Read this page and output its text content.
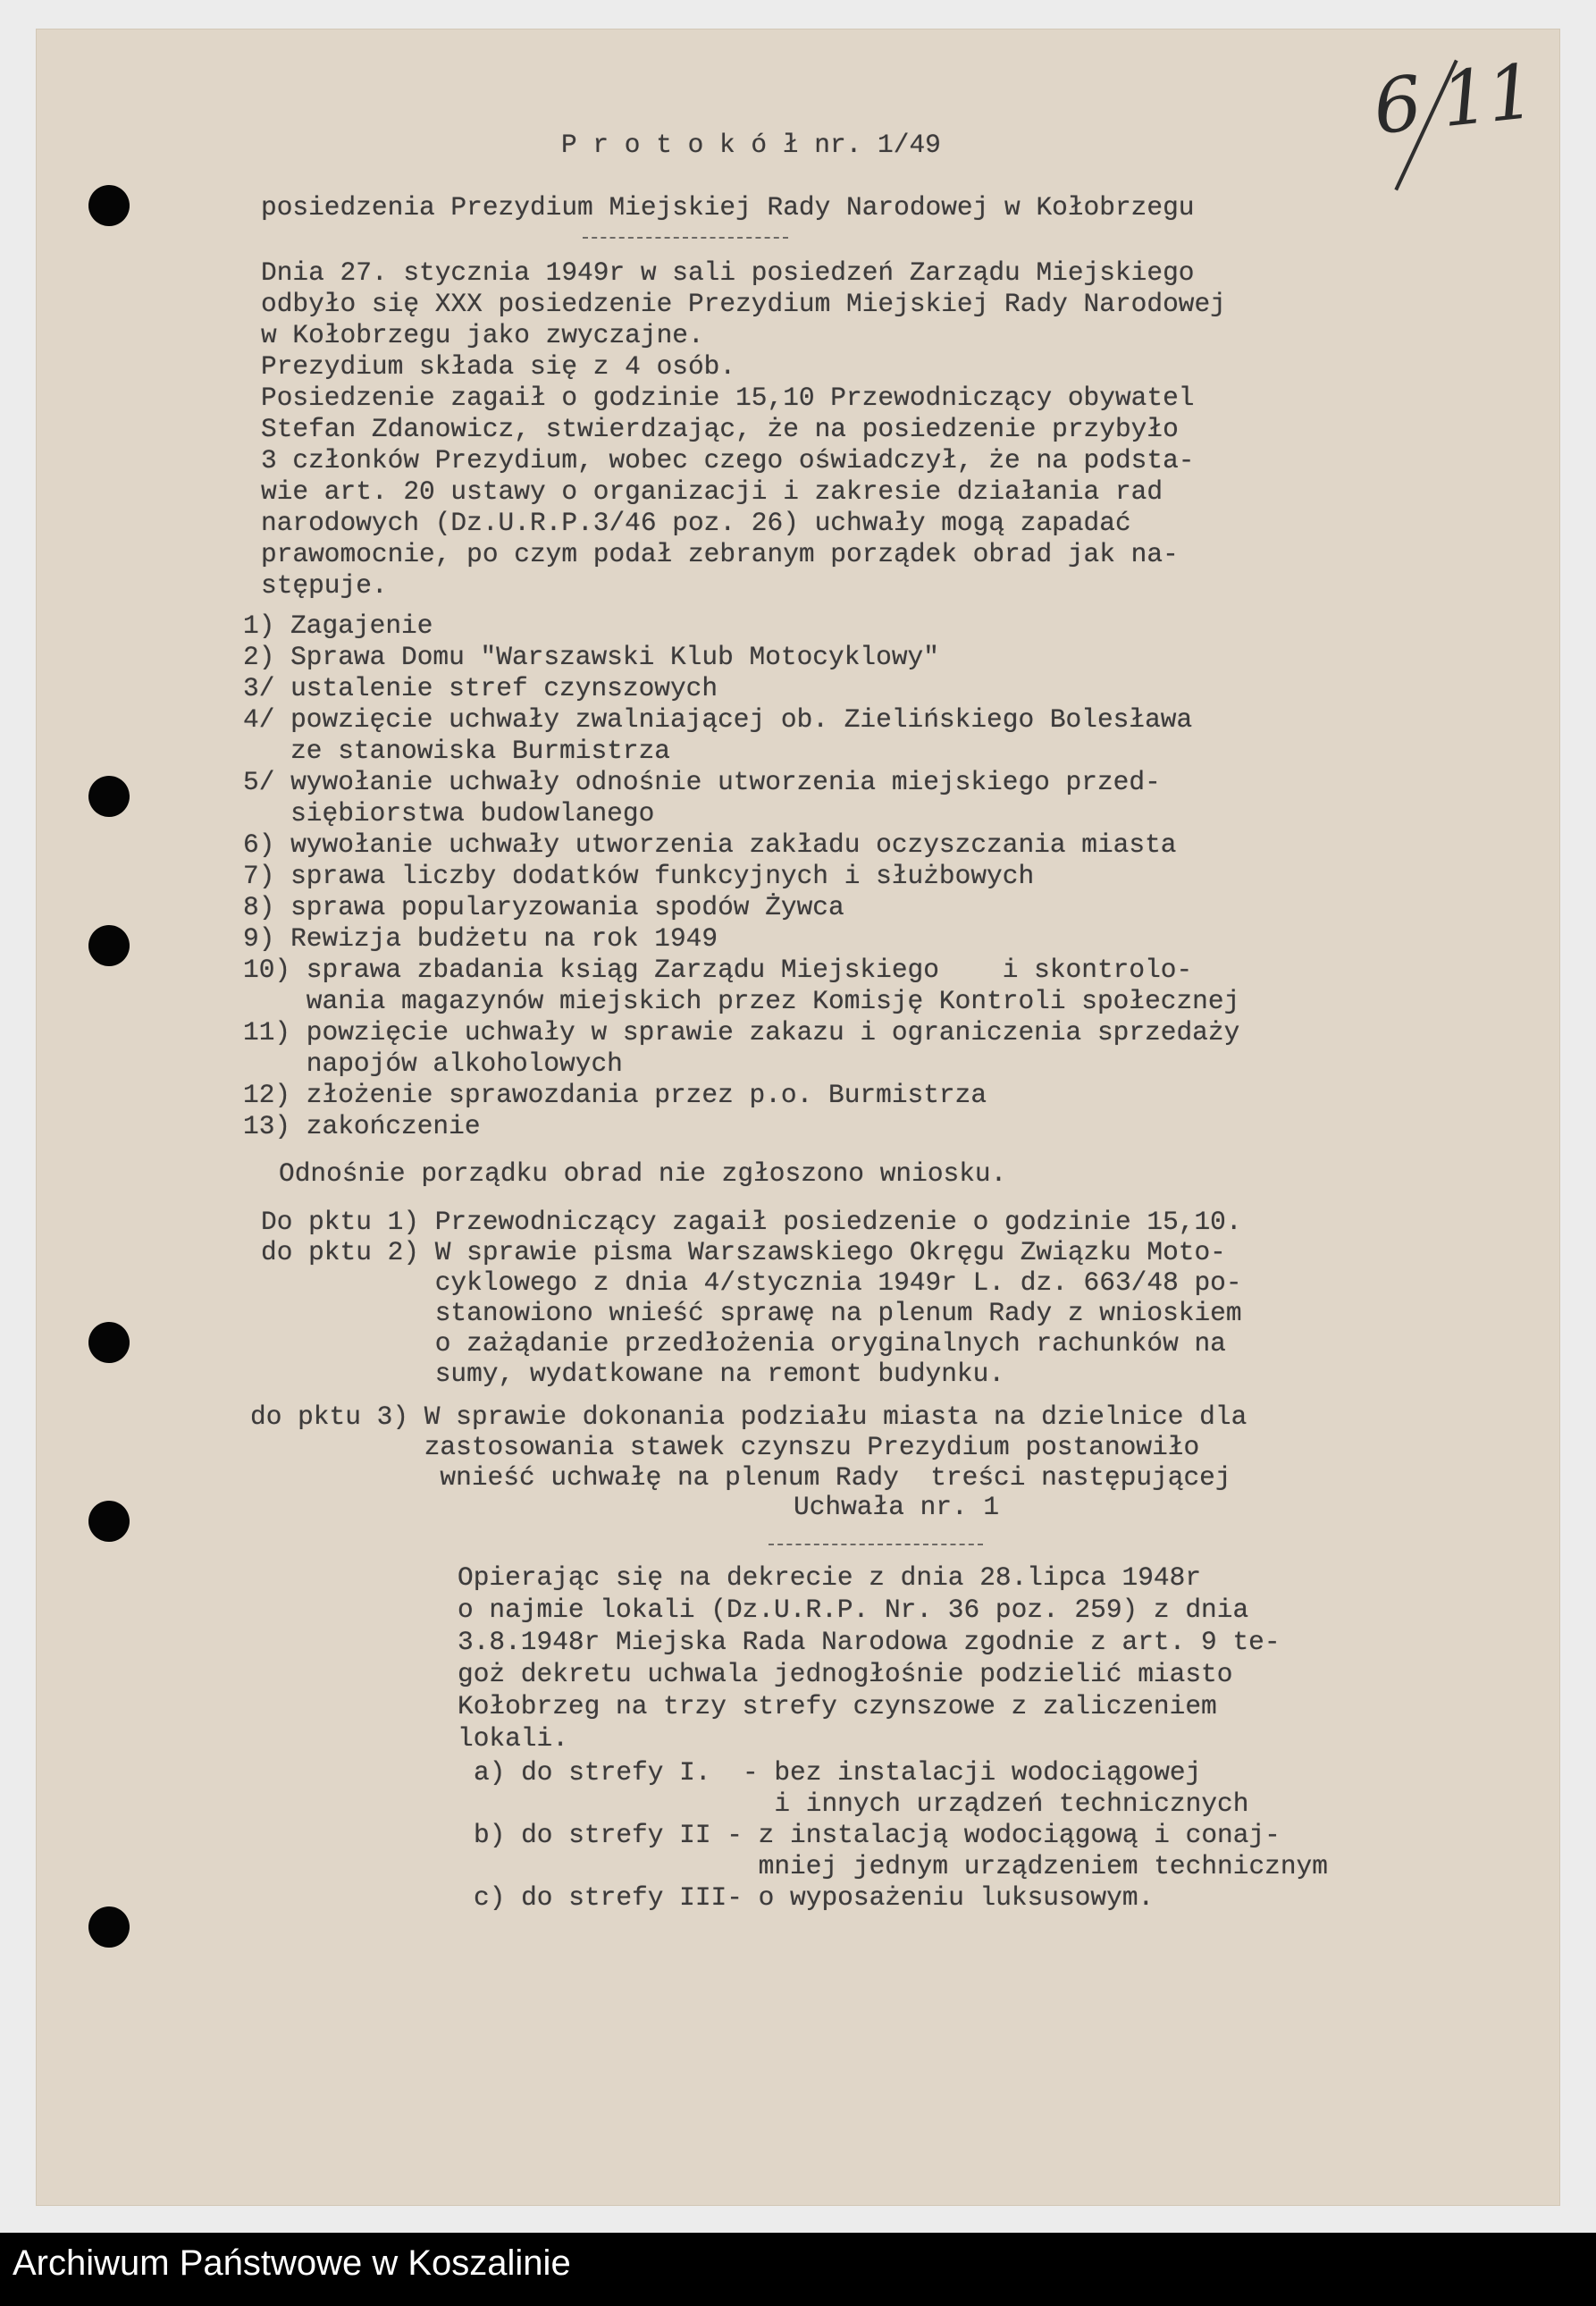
6 11

P r o t o k ó ł nr. 1/49

posiedzenia Prezydium Miejskiej Rady Narodowej w Kołobrzegu

Dnia 27. stycznia 1949r w sali posiedzeń Zarządu Miejskiego

odbyło się XXX posiedzenie Prezydium Miejskiej Rady Narodowej

w Kołobrzegu jako zwyczajne.

Prezydium składa się z 4 osób.

Posiedzenie zagaił o godzinie 15,10 Przewodniczący obywatel

Stefan Zdanowicz, stwierdzając, że na posiedzenie przybyło

3 członków Prezydium, wobec czego oświadczył, że na podsta-

wie art. 20 ustawy o organizacji i zakresie działania rad

narodowych (Dz.U.R.P.3/46 poz. 26) uchwały mogą zapadać

prawomocnie, po czym podał zebranym porządek obrad jak na-

stępuje.

1) Zagajenie

2) Sprawa Domu "Warszawski Klub Motocyklowy"

3/ ustalenie stref czynszowych

4/ powzięcie uchwały zwalniającej ob. Zielińskiego Bolesława

ze stanowiska Burmistrza

5/ wywołanie uchwały odnośnie utworzenia miejskiego przed-

siębiorstwa budowlanego

6) wywołanie uchwały utworzenia zakładu oczyszczania miasta

7) sprawa liczby dodatków funkcyjnych i służbowych

8) sprawa popularyzowania spodów Żywca

9) Rewizja budżetu na rok 1949

10) sprawa zbadania ksiąg Zarządu Miejskiego    i skontrolo-

wania magazynów miejskich przez Komisję Kontroli społecznej

11) powzięcie uchwały w sprawie zakazu i ograniczenia sprzedaży

napojów alkoholowych

12) złożenie sprawozdania przez p.o. Burmistrza

13) zakończenie

Odnośnie porządku obrad nie zgłoszono wniosku.

Do pktu 1) Przewodniczący zagaił posiedzenie o godzinie 15,10.

do pktu 2) W sprawie pisma Warszawskiego Okręgu Związku Moto-

cyklowego z dnia 4/stycznia 1949r L. dz. 663/48 po-

stanowiono wnieść sprawę na plenum Rady z wnioskiem

o zażądanie przedłożenia oryginalnych rachunków na

sumy, wydatkowane na remont budynku.

do pktu 3) W sprawie dokonania podziału miasta na dzielnice dla

zastosowania stawek czynszu Prezydium postanowiło

wnieść uchwałę na plenum Rady  treści następującej

Uchwała nr. 1

Opierając się na dekrecie z dnia 28.lipca 1948r

o najmie lokali (Dz.U.R.P. Nr. 36 poz. 259) z dnia

3.8.1948r Miejska Rada Narodowa zgodnie z art. 9 te-

goż dekretu uchwala jednogłośnie podzielić miasto

Kołobrzeg na trzy strefy czynszowe z zaliczeniem

lokali.

a) do strefy I.  - bez instalacji wodociągowej

i innych urządzeń technicznych

b) do strefy II - z instalacją wodociągową i conaj-

mniej jednym urządzeniem technicznym

c) do strefy III- o wyposażeniu luksusowym.

Archiwum Państwowe w Koszalinie
